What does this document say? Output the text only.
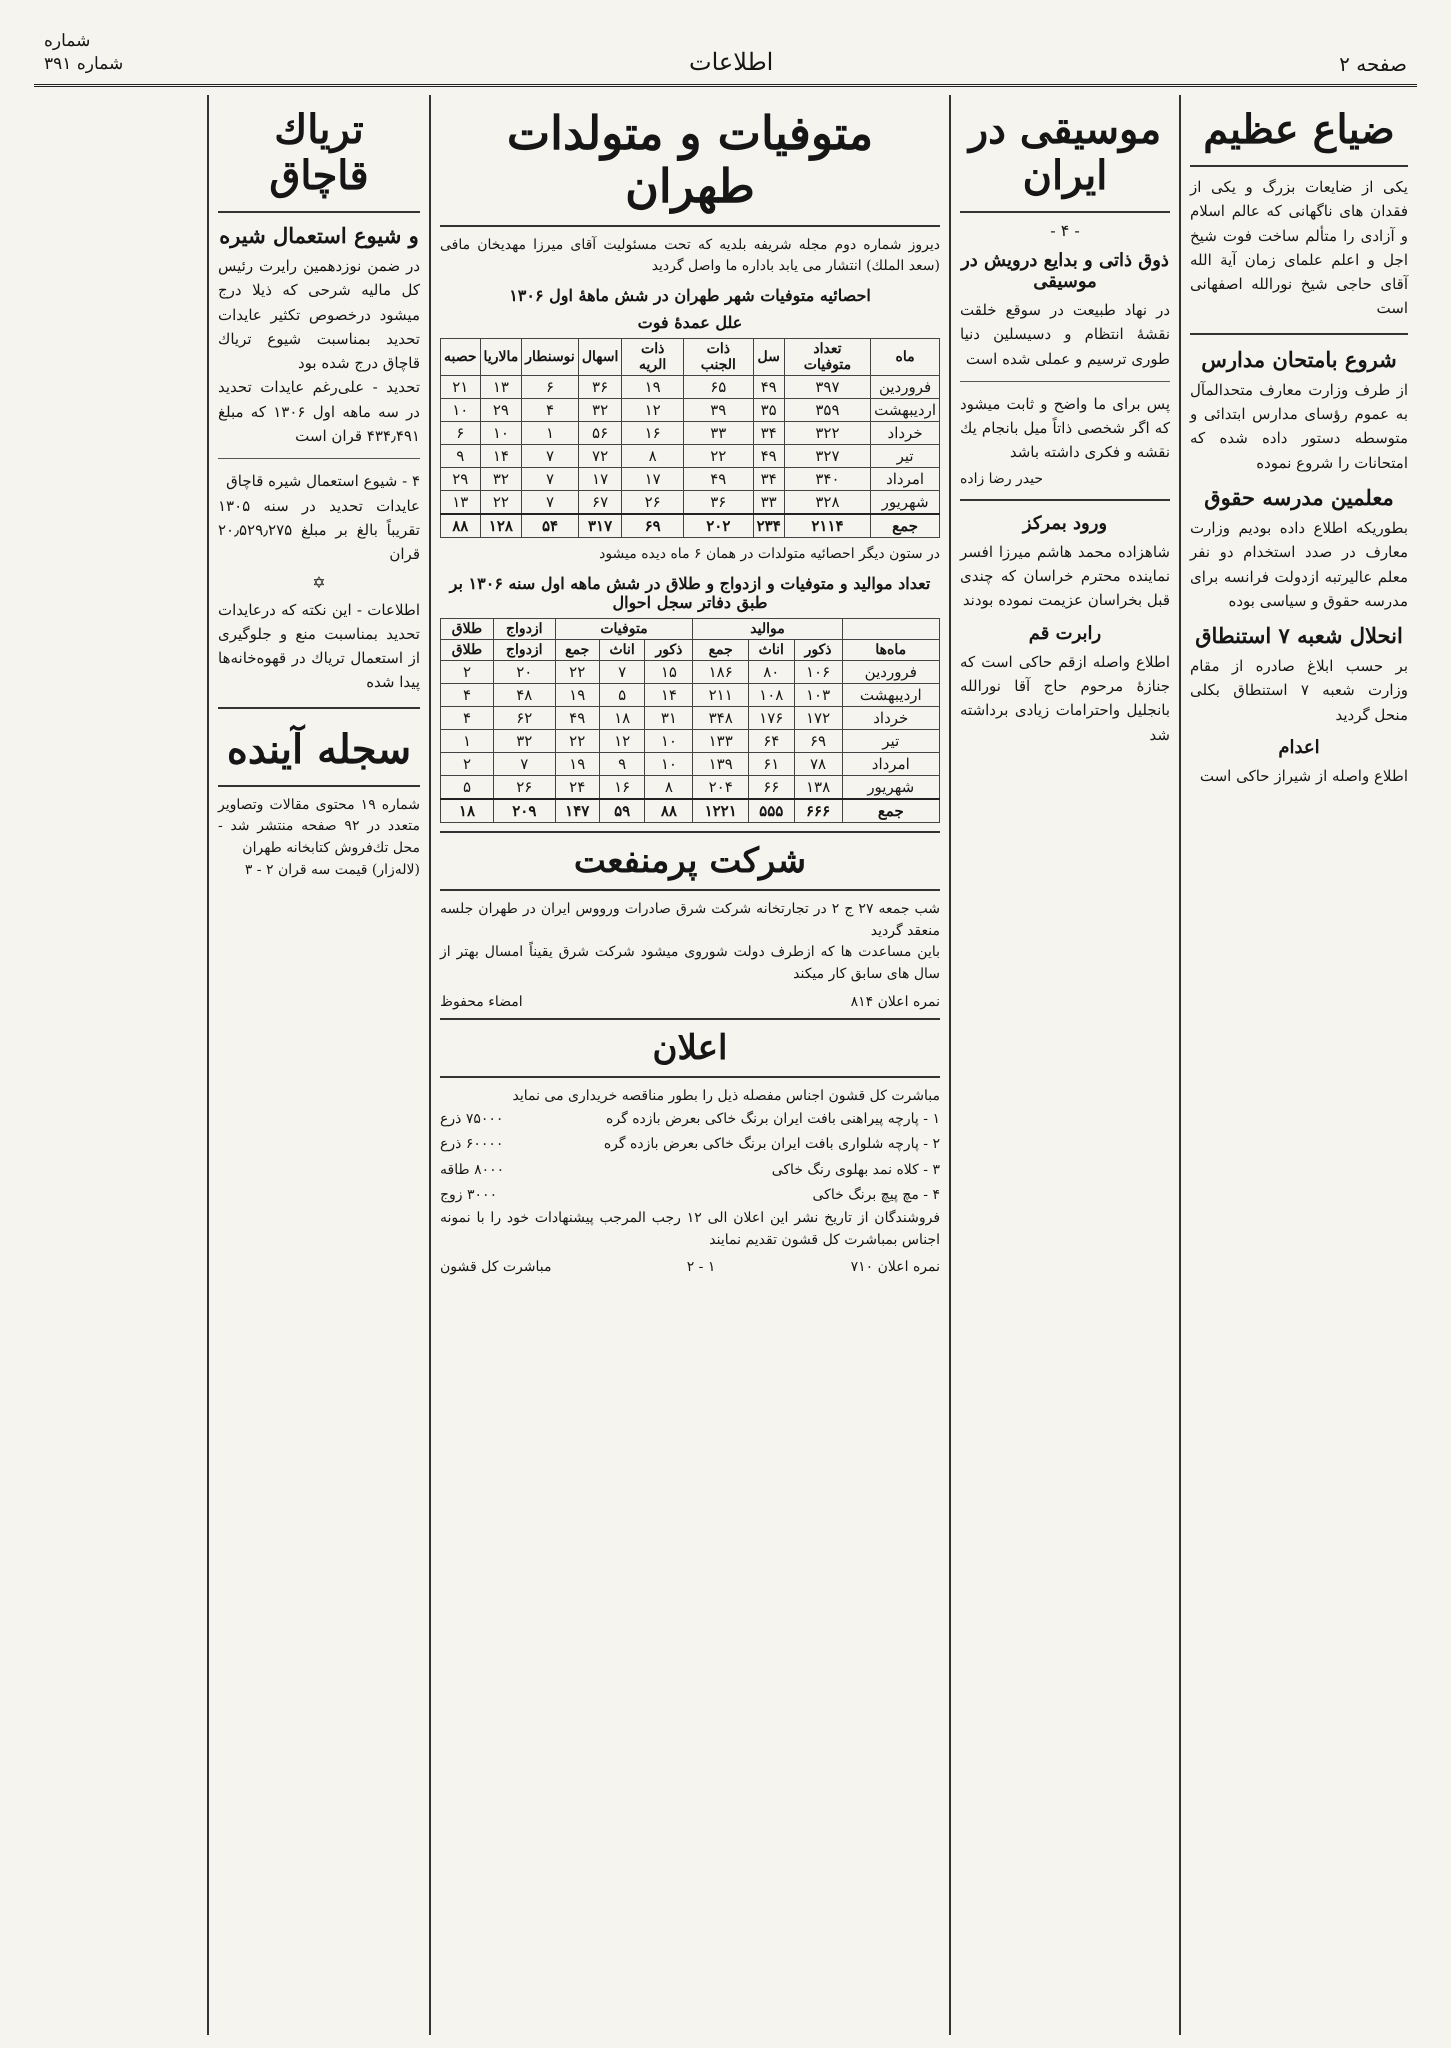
صفحه ۲
اطلاعات
شماره
شماره ۳۹۱
ضیاع عظیم
یکی از ضایعات بزرگ و یکی از فقدان های ناگهانی که عالم اسلام و آزادی را متألم ساخت فوت شیخ اجل و اعلم علمای زمان آیة الله آقای حاجی شیخ نورالله اصفهانی است
شروع بامتحان مدارس
از طرف وزارت معارف متحدالمآل به عموم رؤسای مدارس ابتدائی و متوسطه دستور داده شده که امتحانات را شروع نموده
معلمین مدرسه حقوق
بطوریکه اطلاع داده بودیم وزارت معارف در صدد استخدام دو نفر معلم عالیرتبه ازدولت فرانسه برای مدرسه حقوق و سیاسی بوده
انحلال شعبه ۷ استنطاق
بر حسب ابلاغ صادره از مقام وزارت شعبه ۷ استنطاق بکلی منحل گردید
اعدام
اطلاع واصله از شیراز حاکی است
موسیقی در ایران
- ۴ -
ذوق ذاتی و بدایع درویش در موسیقی
در نهاد طبیعت در سوقع خلقت نقشهٔ انتظام و دسیسلین دنیا طوری ترسیم و عملی شده است
پس برای ما واضح و ثابت میشود که اگر شخصی ذاتاً میل بانجام یك نقشه و فکری داشته باشد
حیدر رضا زاده
ورود بمرکز
شاهزاده محمد هاشم میرزا افسر نماینده محترم خراسان که چندی قبل بخراسان عزیمت نموده بودند
رابرت قم
اطلاع واصله ازقم حاکی است که جنازهٔ مرحوم حاج آقا نورالله بانجلیل واحترامات زیادی برداشته شد
متوفیات و متولدات طهران
دیروز شماره دوم مجله شریفه بلدیه که تحت مسئولیت آقای میرزا مهدیخان مافی (سعد الملك) انتشار می یابد باداره ما واصل گردید
احصائیه متوفیات شهر طهران در شش ماههٔ اول ۱۳۰۶
علل عمدهٔ فوت
ماه	تعداد متوفیات	سل	ذات الجنب	ذات الریه	اسهال	نوسنطار	مالاریا	حصبه
فروردین	۳۹۷	۴۹	۶۵	۱۹	۳۶	۶	۱۳	۲۱
اردیبهشت	۳۵۹	۳۵	۳۹	۱۲	۳۲	۴	۲۹	۱۰
خرداد	۳۲۲	۳۴	۳۳	۱۶	۵۶	۱	۱۰	۶
تیر	۳۲۷	۴۹	۲۲	۸	۷۲	۷	۱۴	۹
امرداد	۳۴۰	۳۴	۴۹	۱۷	۱۷	۷	۳۲	۲۹
شهریور	۳۲۸	۳۳	۳۶	۲۶	۶۷	۷	۲۲	۱۳
جمع	۲۱۱۴	۲۳۴	۲۰۲	۶۹	۳۱۷	۵۴	۱۲۸	۸۸
در ستون دیگر احصائیه متولدات در همان ۶ ماه دیده میشود
تعداد مواليد و متوفيات و ازدواج و طلاق در شش ماهه اول سنه ۱۳۰۶ بر طبق دفاتر سجل احوال
	مواليد			متوفيات			ازدواج	طلاق
ماه‌ها	ذکور	اناث	جمع	ذکور	اناث	جمع	ازدواج	طلاق
فروردین	۱۰۶	۸۰	۱۸۶	۱۵	۷	۲۲	۲۰	۲
اردیبهشت	۱۰۳	۱۰۸	۲۱۱	۱۴	۵	۱۹	۴۸	۴
خرداد	۱۷۲	۱۷۶	۳۴۸	۳۱	۱۸	۴۹	۶۲	۴
تیر	۶۹	۶۴	۱۳۳	۱۰	۱۲	۲۲	۳۲	۱
امرداد	۷۸	۶۱	۱۳۹	۱۰	۹	۱۹	۷	۲
شهریور	۱۳۸	۶۶	۲۰۴	۸	۱۶	۲۴	۲۶	۵
جمع	۶۶۶	۵۵۵	۱۲۲۱	۸۸	۵۹	۱۴۷	۲۰۹	۱۸
شرکت پرمنفعت
شب جمعه ۲۷ ج ۲ در تجارتخانه شرکت شرق صادرات ورووس ایران در طهران جلسه منعقد گردید
باین مساعدت ها که ازطرف دولت شوروی میشود شرکت شرق یقیناً امسال بهتر از سال های سابق کار میکند
نمره اعلان ۸۱۴
امضاء محفوظ
اعلان
مباشرت کل قشون اجناس مفصله ذیل را بطور مناقصه خریداری می نماید
۱ - پارچه پیراهنی بافت ایران برنگ خاکی بعرض بازده گره
۷۵۰۰۰ ذرع
۲ - پارچه شلواری بافت ایران برنگ خاکی بعرض بازده گره
۶۰۰۰۰ ذرع
۳ - کلاه نمد بهلوی رنگ خاکی
۸۰۰۰ طاقه
۴ - مچ پیچ برنگ خاکی
۳۰۰۰ زوج
فروشندگان از تاریخ نشر این اعلان الی ۱۲ رجب المرجب پیشنهادات خود را با نمونه اجناس بمباشرت کل قشون تقدیم نمایند
نمره اعلان ۷۱۰
۱ - ۲
مباشرت کل قشون
تریاك قاچاق
و شیوع استعمال شیره
در ضمن نوزدهمین رایرت رئیس کل مالیه شرحی که ذیلا درج میشود درخصوص تکثیر عایدات تحدید بمناسبت شیوع تریاك قاچاق درج شده بود
تحدید - علی‌رغم عایدات تحدید در سه ماهه اول ۱۳۰۶ که مبلغ ۴۳۴٫۴۹۱ قران است
۴ - شیوع استعمال شیره قاچاق
عایدات تحدید در سنه ۱۳۰۵ تقریباً بالغ بر مبلغ ۲۰٫۵۲۹٫۲۷۵ قران
✡
اطلاعات - این نکته که درعایدات تحدید بمناسبت منع و جلوگیری از استعمال تریاك در قهوه‌خانه‌ها پیدا شده
سجله آینده
شماره ۱۹ محتوی مقالات وتصاویر متعدد در ۹۲ صفحه منتشر شد - محل تك‌فروش کتابخانه طهران
(لاله‌زار) قیمت سه قران ۲ - ۳
